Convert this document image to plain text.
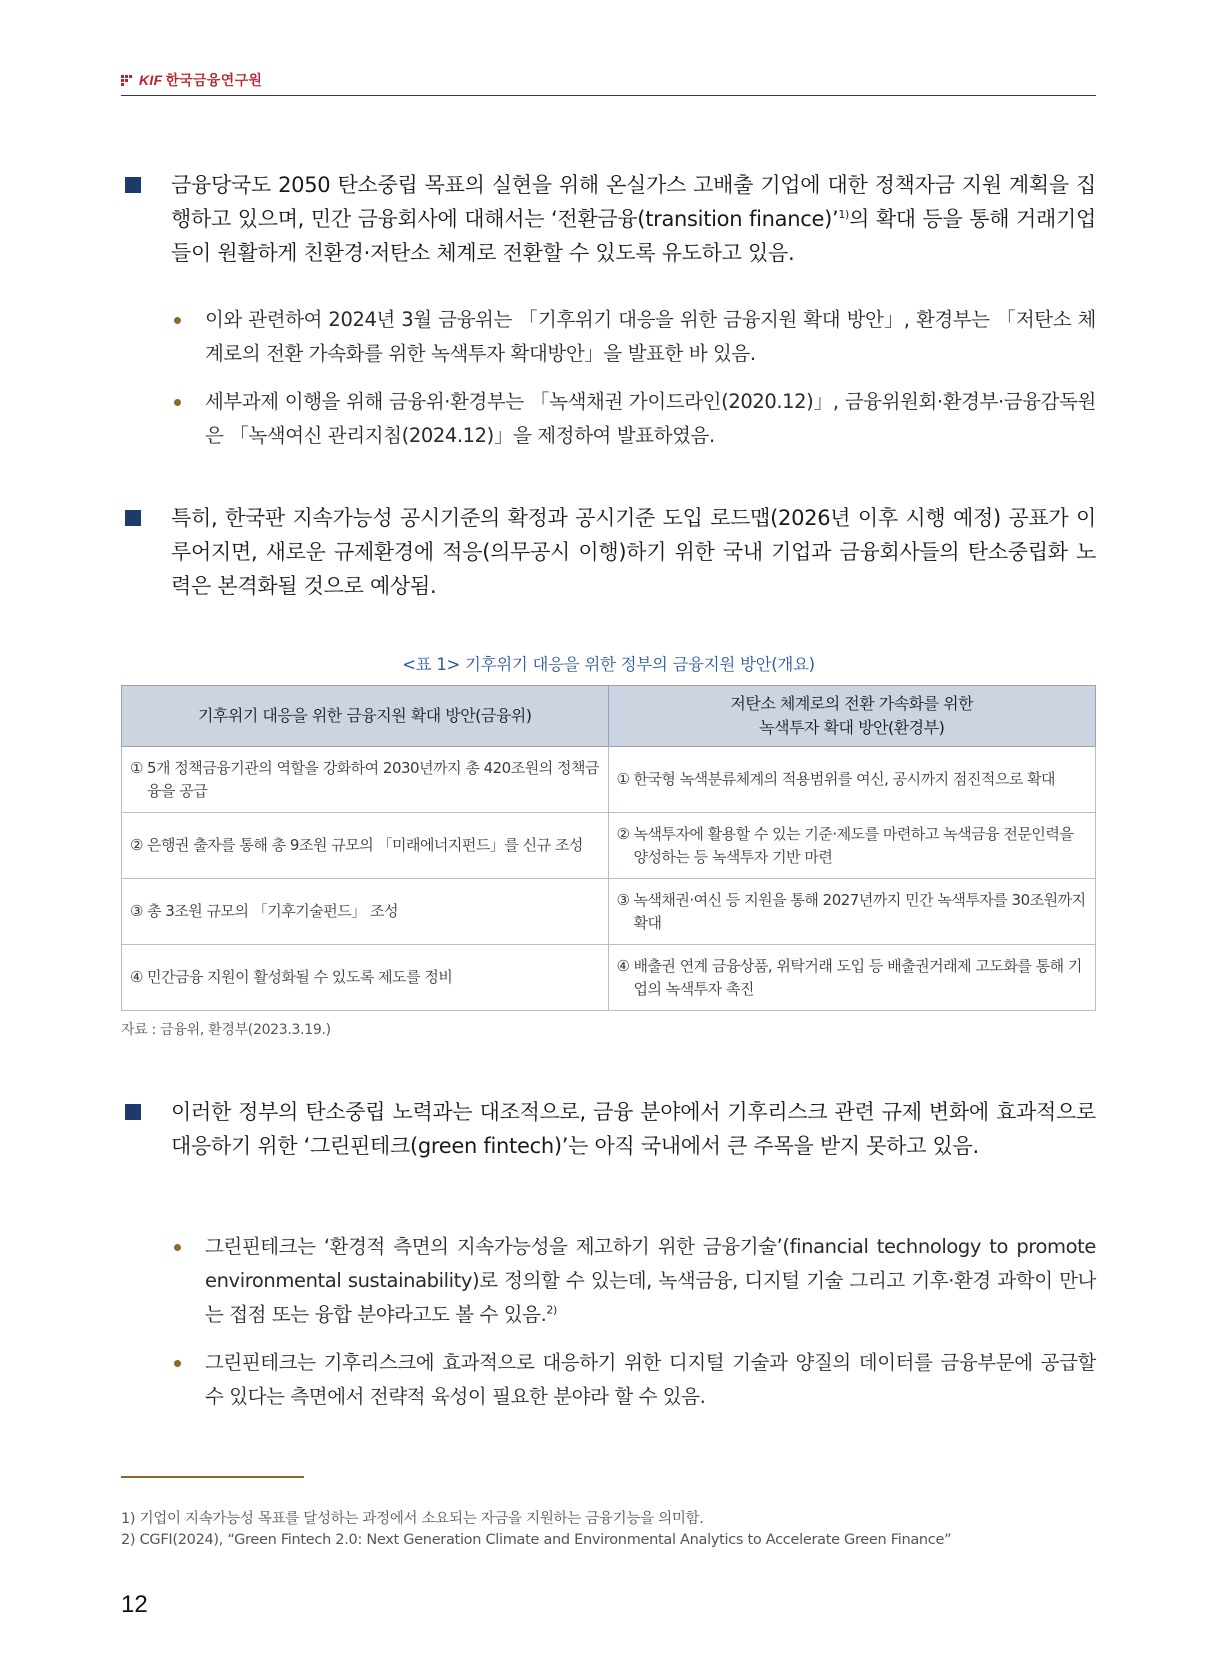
KIF 한국금융연구원

금융당국도 2050 탄소중립 목표의 실현을 위해 온실가스 고배출 기업에 대한 정책자금 지원 계획을 집행하고 있으며, 민간 금융회사에 대해서는 ‘전환금융(transition finance)’$^{1)}$의 확대 등을 통해 거래기업들이 원활하게 친환경·저탄소 체계로 전환할 수 있도록 유도하고 있음.

이와 관련하여 2024년 3월 금융위는 「기후위기 대응을 위한 금융지원 확대 방안」, 환경부는 「저탄소 체계로의 전환 가속화를 위한 녹색투자 확대방안」을 발표한 바 있음.

세부과제 이행을 위해 금융위·환경부는 「녹색채권 가이드라인(2020.12)」, 금융위원회·환경부·금융감독원은 「녹색여신 관리지침(2024.12)」을 제정하여 발표하였음.

특히, 한국판 지속가능성 공시기준의 확정과 공시기준 도입 로드맵(2026년 이후 시행 예정) 공표가 이루어지면, 새로운 규제환경에 적응(의무공시 이행)하기 위한 국내 기업과 금융회사들의 탄소중립화 노력은 본격화될 것으로 예상됨.

<표 1> 기후위기 대응을 위한 정부의 금융지원 방안(개요)
기후위기 대응을 위한 금융지원 확대 방안(금융위)	저탄소 체계로의 전환 가속화를 위한
녹색투자 확대 방안(환경부)

① 5개 정책금융기관의 역할을 강화하여 2030년까지 총 420조원의 정책금융을 공급	① 한국형 녹색분류체계의 적용범위를 여신, 공시까지 점진적으로 확대

② 은행권 출자를 통해 총 9조원 규모의 「미래에너지펀드」를 신규 조성	② 녹색투자에 활용할 수 있는 기준·제도를 마련하고 녹색금융 전문인력을 양성하는 등 녹색투자 기반 마련

③ 총 3조원 규모의 「기후기술펀드」 조성	③ 녹색채권·여신 등 지원을 통해 2027년까지 민간 녹색투자를 30조원까지 확대

④ 민간금융 지원이 활성화될 수 있도록 제도를 정비	④ 배출권 연계 금융상품, 위탁거래 도입 등 배출권거래제 고도화를 통해 기업의 녹색투자 촉진
자료 : 금융위, 환경부(2023.3.19.)

이러한 정부의 탄소중립 노력과는 대조적으로, 금융 분야에서 기후리스크 관련 규제 변화에 효과적으로 대응하기 위한 ‘그린핀테크(green fintech)’는 아직 국내에서 큰 주목을 받지 못하고 있음.

그린핀테크는 ‘환경적 측면의 지속가능성을 제고하기 위한 금융기술’(financial technology to promote environmental sustainability)로 정의할 수 있는데, 녹색금융, 디지털 기술 그리고 기후·환경 과학이 만나는 접점 또는 융합 분야라고도 볼 수 있음.$^{2)}$

그린핀테크는 기후리스크에 효과적으로 대응하기 위한 디지털 기술과 양질의 데이터를 금융부문에 공급할 수 있다는 측면에서 전략적 육성이 필요한 분야라 할 수 있음.

1) 기업이 지속가능성 목표를 달성하는 과정에서 소요되는 자금을 지원하는 금융기능을 의미함.
2) CGFI(2024), “Green Fintech 2.0: Next Generation Climate and Environmental Analytics to Accelerate Green Finance”
12
